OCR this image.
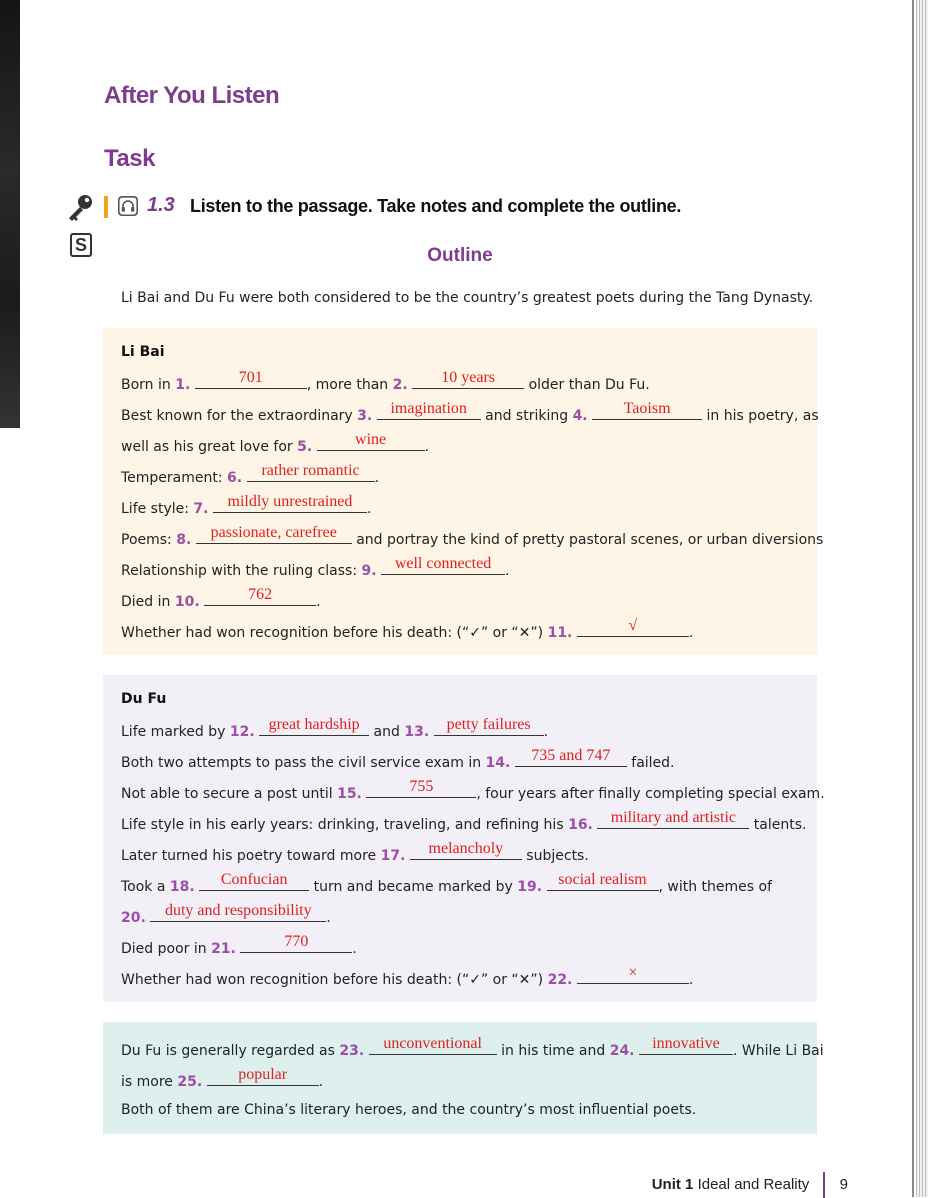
After You Listen
Task
S
1.3 Listen to the passage. Take notes and complete the outline.
Outline
Li Bai and Du Fu were both considered to be the country’s greatest poets during the Tang Dynasty.
Li Bai
Born in 1.	701	, more than 2.	10 years	older than Du Fu.
Best known for the extraordinary 3.	imagination and striking 4.	Taoism	in his poetry, as
well as his great love for 5.	wine	.
Temperament: 6.	rather romantic	.
Life style: 7.	mildly unrestrained	.
Poems: 8.	passionate, carefree	and portray the kind of pretty pastoral scenes, or urban diversions
Relationship with the ruling class: 9.	well connected .
Died in 10.	762	.
Whether had won recognition before his death: (“✓” or “✕”) 11.	√	.
Du Fu
Life marked by 12. great hardship and 13.	petty failures .
Both two attempts to pass the civil service exam in 14.	735 and 747	failed.
Not able to secure a post until 15.	755	, four years after finally completing special exam.
Life style in his early years: drinking, traveling, and refining his 16.	military and artistic talents.
Later turned his poetry toward more 17.	melancholy	subjects.
Took a 18.	Confucian	turn and became marked by 19.	social realism , with themes of
20.	duty and responsibility	.
Died poor in 21.	770	.
Whether had won recognition before his death: (“✓” or “✕”) 22.	×	.
Du Fu is generally regarded as 23.	unconventional	in his time and 24.	innovative . While Li Bai
is more 25.	popular	.
Both of them are China’s literary heroes, and the country’s most influential poets.
Unit 1 Ideal and Reality 9
